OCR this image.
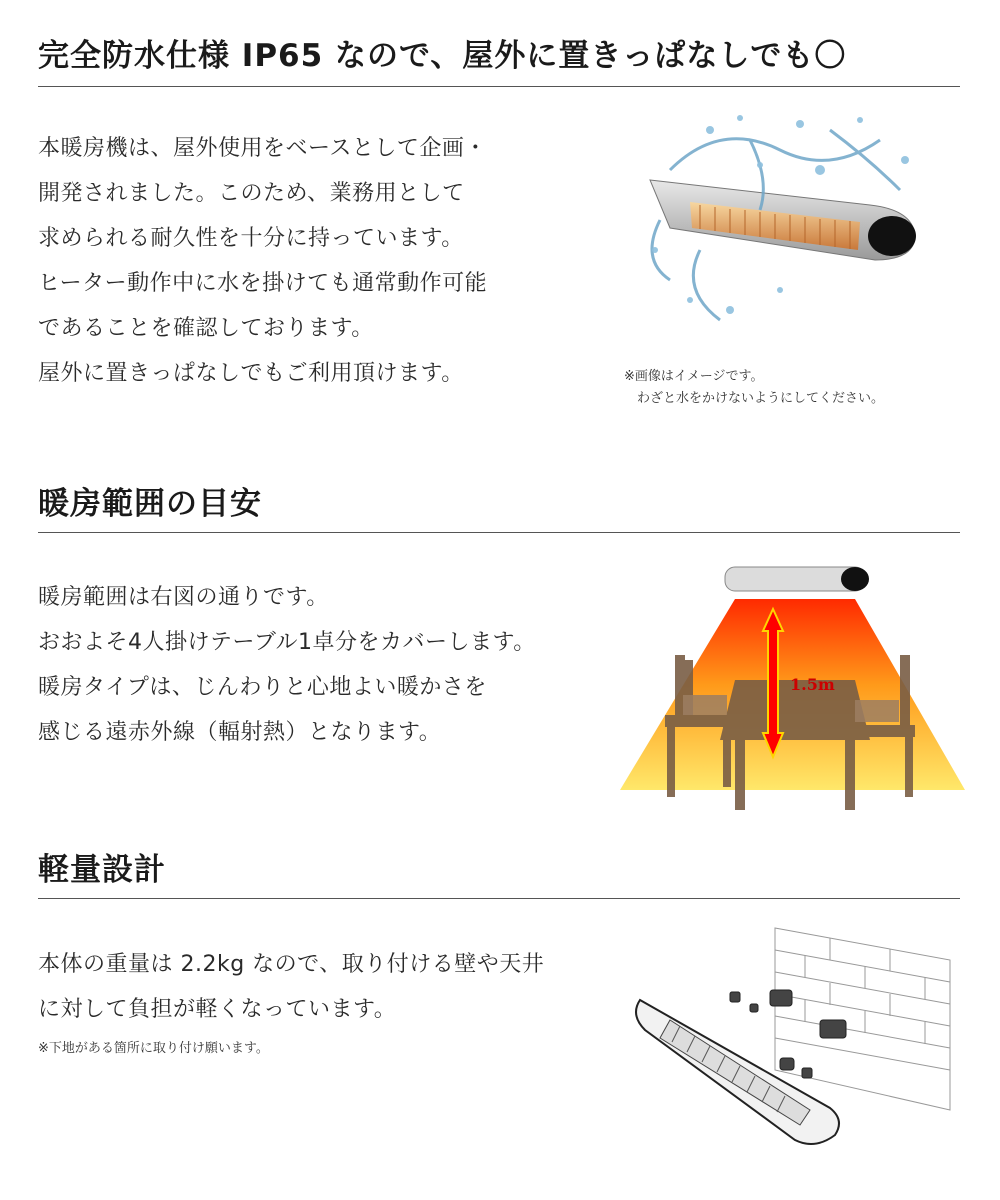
完全防水仕様 IP65 なので、屋外に置きっぱなしでも〇
本暖房機は、屋外使用をベースとして企画・
開発されました。このため、業務用として
求められる耐久性を十分に持っています。
ヒーター動作中に水を掛けても通常動作可能
であることを確認しております。
屋外に置きっぱなしでもご利用頂けます。	※画像はイメージです。
　わざと水をかけないようにしてください。
暖房範囲の目安
暖房範囲は右図の通りです。
おおよそ4人掛けテーブル1卓分をカバーします。
暖房タイプは、じんわりと心地よい暖かさを
感じる遠赤外線（輻射熱）となります。
1.5m
軽量設計
本体の重量は 2.2kg なので、取り付ける壁や天井
に対して負担が軽くなっています。
※下地がある箇所に取り付け願います。
